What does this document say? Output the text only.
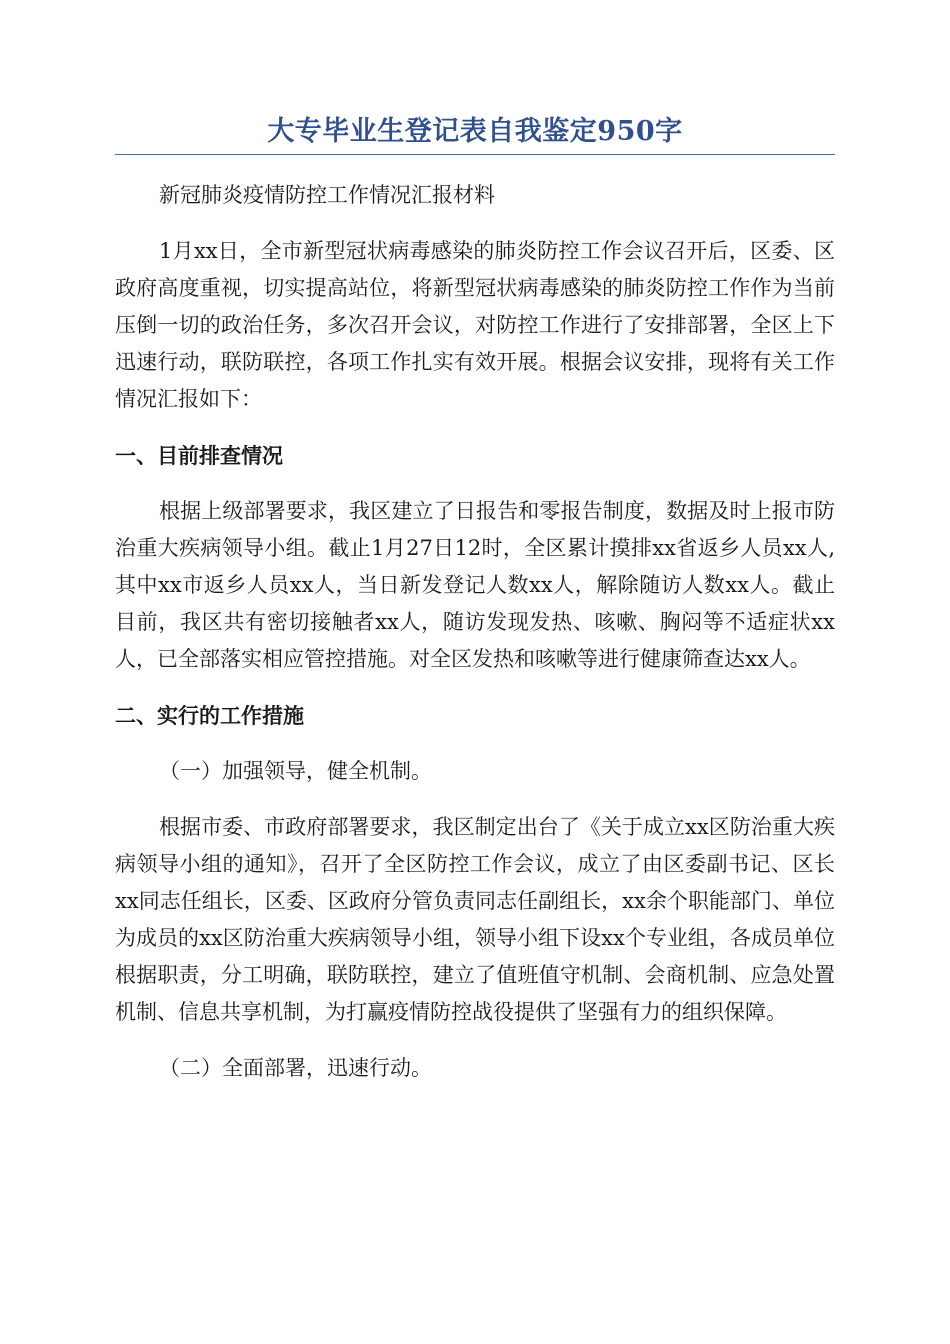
大专毕业生登记表自我鉴定950字

新冠肺炎疫情防控工作情况汇报材料

1月xx日，全市新型冠状病毒感染的肺炎防控工作会议召开后，区委、区政府高度重视，切实提高站位，将新型冠状病毒感染的肺炎防控工作作为当前压倒一切的政治任务，多次召开会议，对防控工作进行了安排部署，全区上下迅速行动，联防联控，各项工作扎实有效开展。根据会议安排，现将有关工作情况汇报如下：

一、目前排查情况

根据上级部署要求，我区建立了日报告和零报告制度，数据及时上报市防治重大疾病领导小组。截止1月27日12时，全区累计摸排xx省返乡人员xx人,其中xx市返乡人员xx人，当日新发登记人数xx人，解除随访人数xx人。截止目前，我区共有密切接触者xx人，随访发现发热、咳嗽、胸闷等不适症状xx人，已全部落实相应管控措施。对全区发热和咳嗽等进行健康筛查达xx人。

二、实行的工作措施

（一）加强领导，健全机制。

根据市委、市政府部署要求，我区制定出台了《关于成立xx区防治重大疾病领导小组的通知》，召开了全区防控工作会议，成立了由区委副书记、区长xx同志任组长，区委、区政府分管负责同志任副组长，xx余个职能部门、单位为成员的xx区防治重大疾病领导小组，领导小组下设xx个专业组，各成员单位根据职责，分工明确，联防联控，建立了值班值守机制、会商机制、应急处置机制、信息共享机制，为打赢疫情防控战役提供了坚强有力的组织保障。

（二）全面部署，迅速行动。
